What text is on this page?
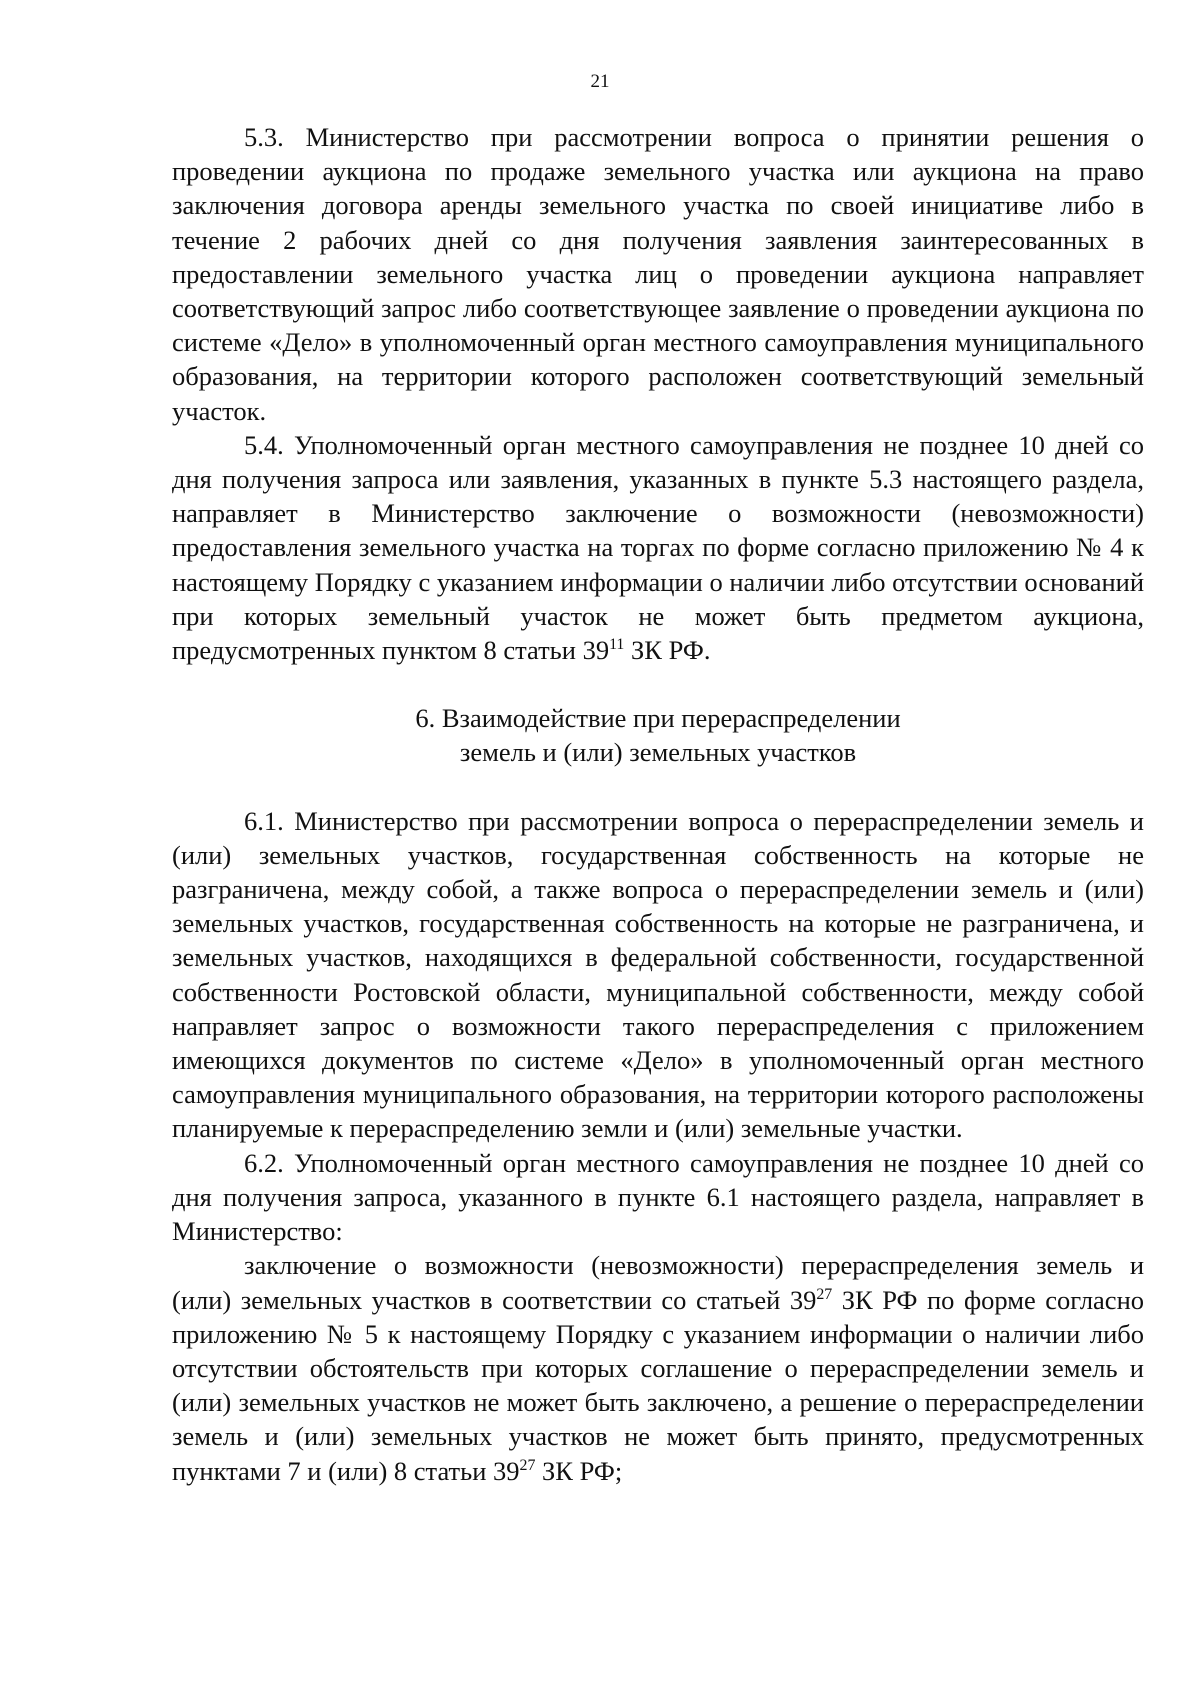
21

5.3. Министерство при рассмотрении вопроса о принятии решения о проведении аукциона по продаже земельного участка или аукциона на право заключения договора аренды земельного участка по своей инициативе либо в течение 2 рабочих дней со дня получения заявления заинтересованных в предоставлении земельного участка лиц о проведении аукциона направляет соответствующий запрос либо соответствующее заявление о проведении аукциона по системе «Дело» в уполномоченный орган местного самоуправления муниципального образования, на территории которого расположен соответствующий земельный участок.

5.4. Уполномоченный орган местного самоуправления не позднее 10 дней со дня получения запроса или заявления, указанных в пункте 5.3 настоящего раздела, направляет в Министерство заключение о возможности (невозможности) предоставления земельного участка на торгах по форме согласно приложению № 4 к настоящему Порядку с указанием информации о наличии либо отсутствии оснований при которых земельный участок не может быть предметом аукциона, предусмотренных пунктом 8 статьи $39^{11}$ ЗК РФ.

6. Взаимодействие при перераспределении
земель и (или) земельных участков

6.1. Министерство при рассмотрении вопроса о перераспределении земель и (или) земельных участков, государственная собственность на которые не разграничена, между собой, а также вопроса о перераспределении земель и (или) земельных участков, государственная собственность на которые не разграничена, и земельных участков, находящихся в федеральной собственности, государственной собственности Ростовской области, муниципальной собственности, между собой направляет запрос о возможности такого перераспределения с приложением имеющихся документов по системе «Дело» в уполномоченный орган местного самоуправления муниципального образования, на территории которого расположены планируемые к перераспределению земли и (или) земельные участки.

6.2. Уполномоченный орган местного самоуправления не позднее 10 дней со дня получения запроса, указанного в пункте 6.1 настоящего раздела, направляет в Министерство:

заключение о возможности (невозможности) перераспределения земель и (или) земельных участков в соответствии со статьей $39^{27}$ ЗК РФ по форме согласно приложению № 5 к настоящему Порядку с указанием информации о наличии либо отсутствии обстоятельств при которых соглашение о перераспределении земель и (или) земельных участков не может быть заключено, а решение о перераспределении земель и (или) земельных участков не может быть принято, предусмотренных пунктами 7 и (или) 8 статьи $39^{27}$ ЗК РФ;
